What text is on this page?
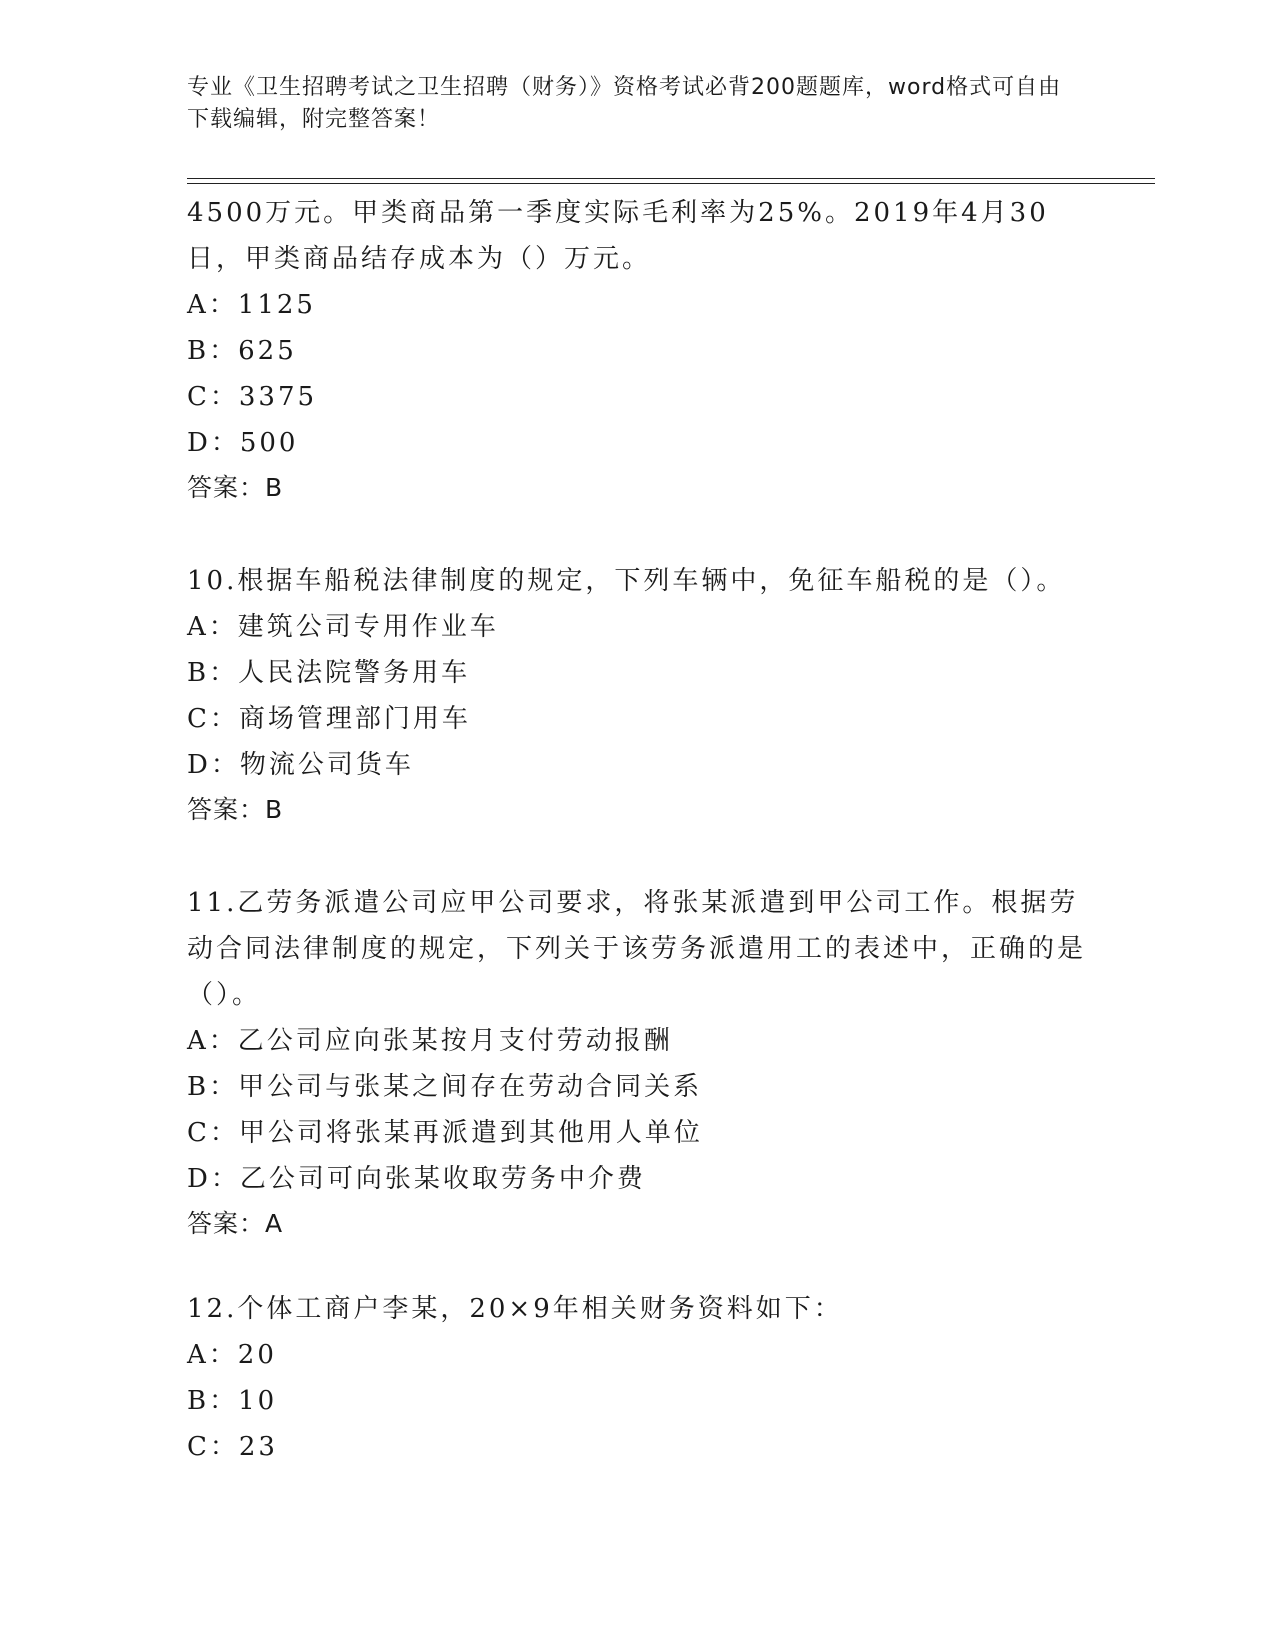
专业《卫生招聘考试之卫生招聘（财务）》资格考试必背200题题库，word格式可自由下载编辑，附完整答案！

4500万元。甲类商品第一季度实际毛利率为25%。2019年4月30日，甲类商品结存成本为（）万元。

A：1125

B：625

C：3375

D：500

答案：B

10.根据车船税法律制度的规定，下列车辆中，免征车船税的是（）。

A：建筑公司专用作业车

B：人民法院警务用车

C：商场管理部门用车

D：物流公司货车

答案：B

11.乙劳务派遣公司应甲公司要求，将张某派遣到甲公司工作。根据劳动合同法律制度的规定，下列关于该劳务派遣用工的表述中，正确的是（）。

A：乙公司应向张某按月支付劳动报酬

B：甲公司与张某之间存在劳动合同关系

C：甲公司将张某再派遣到其他用人单位

D：乙公司可向张某收取劳务中介费

答案：A

12.个体工商户李某，20×9年相关财务资料如下：

A：20

B：10

C：23
